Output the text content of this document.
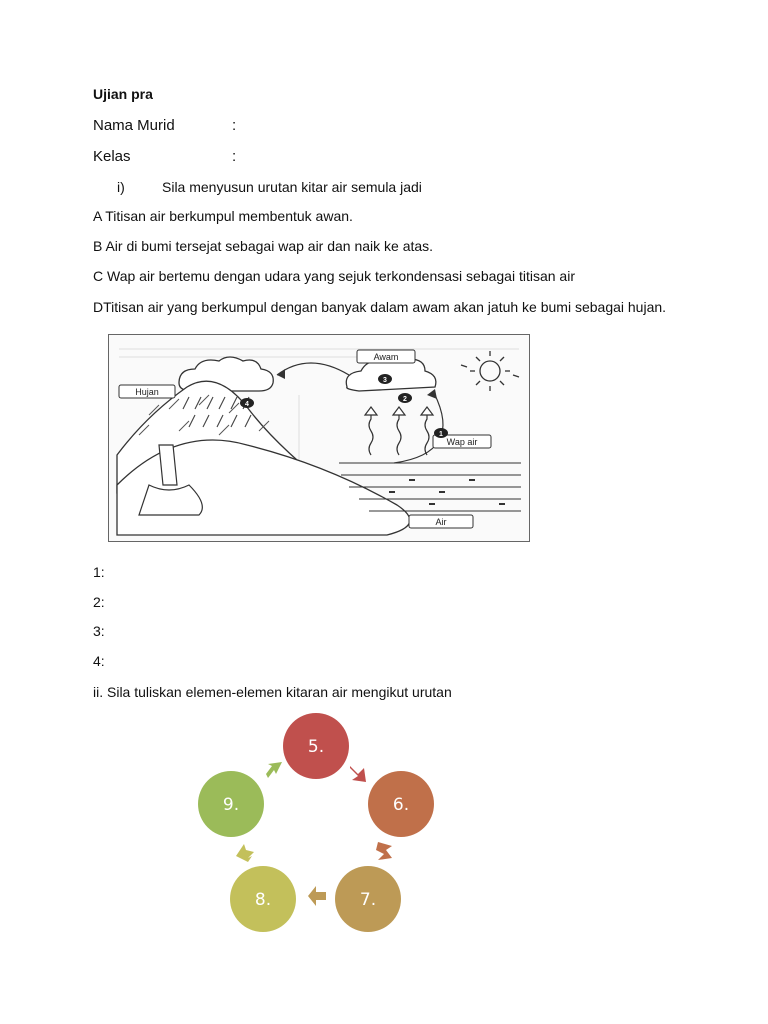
Ujian pra
Nama Murid	:
Kelas	:
i)	Sila menyusun urutan kitar air semula jadi
A Titisan air berkumpul membentuk awan.
B Air di bumi tersejat sebagai wap air dan naik ke atas.
C Wap air bertemu dengan udara yang sejuk terkondensasi sebagai titisan air
DTitisan air yang berkumpul dengan banyak dalam awam akan jatuh ke bumi sebagai hujan.
Awam
Hujan
Wap air
Air
1
2
3
4
1:
2:
3:
4:
ii. Sila tuliskan elemen-elemen kitaran air mengikut urutan
5.
6.
7.
8.
9.
